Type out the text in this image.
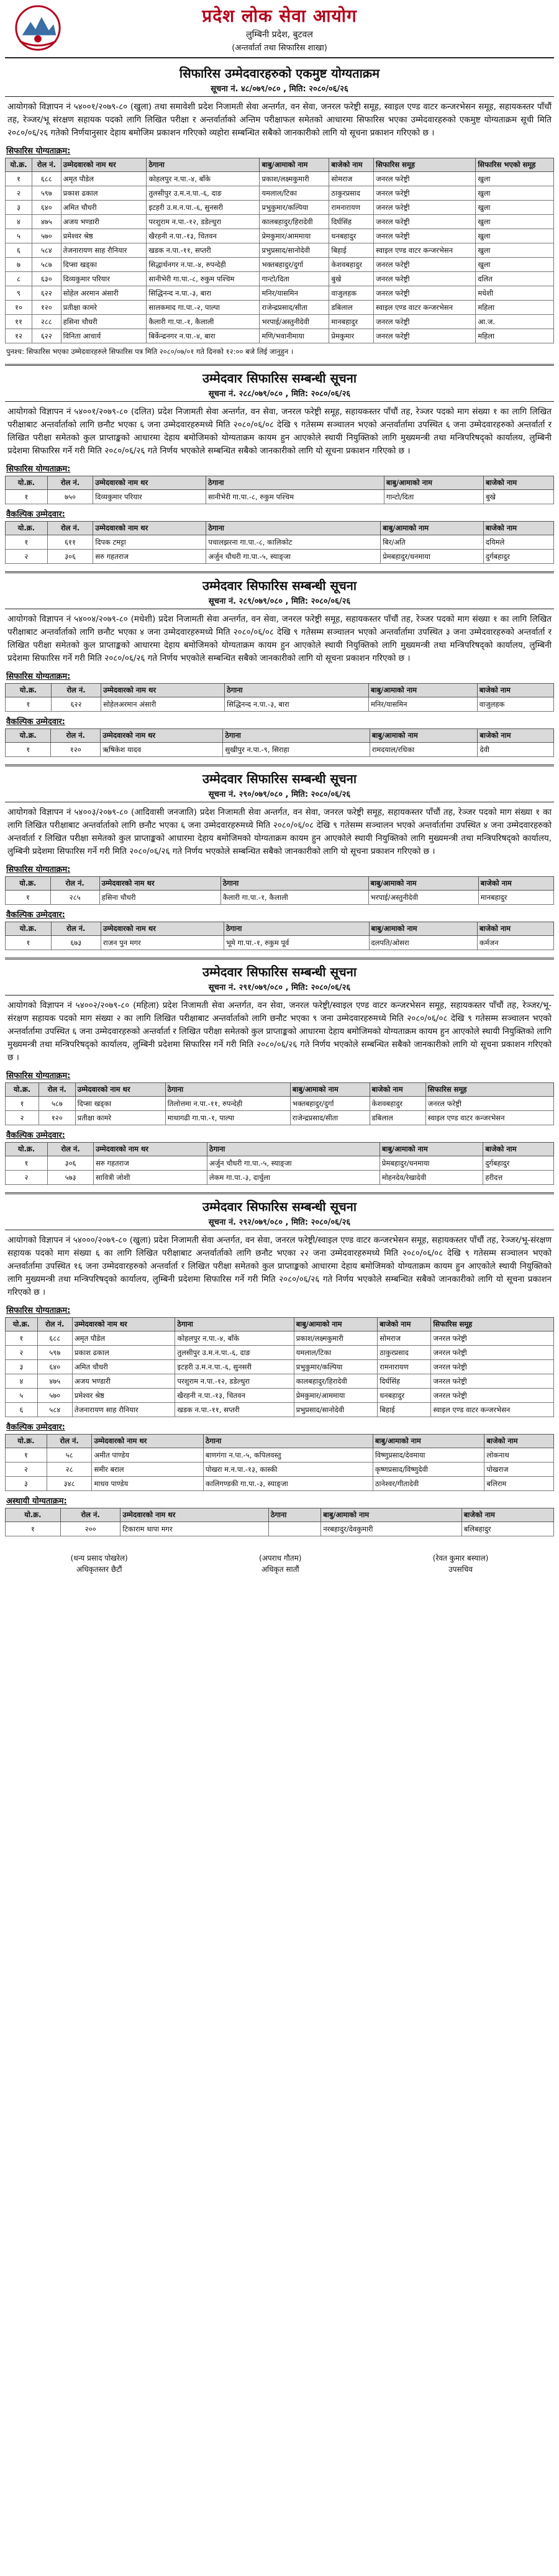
प्रदेश लोक सेवा आयोग
लुम्बिनी प्रदेश, बुटवल
(अन्तर्वार्ता तथा सिफारिस शाखा)
सिफारिस उम्मेदवारहरुको एकमुष्ट योग्यताक्रम
सूचना नं. ४८/०७९/०८० , मिति: २०८०/०६/२६
आयोगको विज्ञापन नं ५४००१/२०७९-८० (खुला) तथा समावेशी प्रदेश निजामती सेवा अन्तर्गत, वन सेवा, जनरल फरेष्ट्री समूह, स्वाइल एण्ड वाटर कन्जरभेसन समूह, सहायकस्तर पाँचौं तह, रेञ्जर/भू संरक्षण सहायक पदको लागि लिखित परीक्षा र अन्तर्वार्ताको अन्तिम परीक्षाफल समेतको आधारमा सिफारिस भएका उम्मेदवारहरुको एकमुष्ट योग्यताक्रम सूची मिति २०८०/०६/२६ गतेको निर्णयानुसार देहाय बमोजिम प्रकाशन गरिएको व्यहोरा सम्बन्धित सबैको जानकारीको लागि यो सूचना प्रकाशन गरिएको छ ।
सिफारिस योग्यताक्रम:
यो.क्र.	रोल नं.	उम्मेदवारको नाम थर	ठेगाना	बाबु/आमाको नाम	बाजेको नाम	सिफारिस समूह	सिफारिस भएको समूह
१	६८८	अमृत पौडेल	कोहलपुर न.पा.-४, बाँके	प्रकाश/लक्ष्मकुमारी	सोमराज	जनरल फरेष्ट्री	खुला
२	५९७	प्रकाश ढकाल	तुलसीपुर उ.म.न.पा.-६, दाङ	यमलाल/टिका	ठाकुरप्रसाद	जनरल फरेष्ट्री	खुला
३	६४०	अमित चौधरी	इटहरी उ.म.न.पा.-६, सुनसरी	प्रभुकुमार/कल्पिया	रामनारायण	जनरल फरेष्ट्री	खुला
४	४७५	अजय भण्डारी	परशुराम न.पा.-१२, डडेल्धुरा	कालबहादुर/हिरादेवी	दिर्घसिंह	जनरल फरेष्ट्री	खुला
५	५७०	प्रमेश्वर श्रेष्ठ	खैरहनी न.पा.-१३, चितवन	प्रेमकुमार/आममाया	धनबहादुर	जनरल फरेष्ट्री	खुला
६	५८४	तेजनारायण साह रौनियार	खडक न.पा.-११, सप्तरी	प्रभुप्रसाद/सानोदेवी	बिहाई	स्वाइल एण्ड वाटर कन्जरभेसन	खुला
७	५८७	दिप्सा खड्का	सिद्धार्थनगर न.पा.-४, रुपन्देही	भक्तबहादुर/दुर्गा	केशवबहादुर	जनरल फरेष्ट्री	खुला
८	६३०	दिव्यकुमार परियार	सानीभेरी गा.पा.-८, रुकुम पश्चिम	गान्टो/दिता	बुखे	जनरल फरेष्ट्री	दलित
९	६२२	सोहेल अरमान अंसारी	सिद्धिनन्द न.पा.-३, बारा	मनिर/यासमिन	वाजुलहक	जनरल फरेष्ट्री	मधेशी
१०	१२०	प्रतीक्षा कामरे	सालकमाद गा.पा.-२, पाल्पा	राजेन्द्रप्रसाद/सीता	डबिलाल	स्वाइल एण्ड वाटर कन्जरभेसन	महिला
११	२८८	हसिना चौधरी	कैलारी गा.पा.-१, कैलाली	भरपाई/अस्तुनीदेवी	मानबहादुर	जनरल फरेष्ट्री	आ.ज.
१२	६२२	विनिता आचार्य	बिर्केन्द्रनगर न.पा.-४, बारा	मणि/भवानीमाया	प्रेमकुमार	जनरल फरेष्ट्री	महिला
पुनश्च: सिफारिस भएका उम्मेदवारहरुले सिफारिस पत्र मिति २०८०/०७/०१ गते दिनको १२:०० बजे लिई जानुहुन ।
उम्मेदवार सिफारिस सम्बन्धी सूचना
सूचना नं. २८८/०७९/०८० , मिति: २०८०/०६/२६
आयोगको विज्ञापन नं ५४००१/२०७९-८० (दलित) प्रदेश निजामती सेवा अन्तर्गत, वन सेवा, जनरल फरेष्ट्री समूह, सहायकस्तर पाँचौं तह, रेञ्जर पदको माग संख्या १ का लागि लिखित परीक्षाबाट अन्तर्वार्ताको लागि छनौट भएका ६ जना उम्मेदवारहरुमध्ये मिति २०८०/०६/०८ देखि ९ गतेसम्म सञ्चालन भएको अन्तर्वार्तामा उपस्थित ६ जना उम्मेदवारहरुको अन्तर्वार्ता र लिखित परीक्षा समेतको कुल प्राप्ताङ्कको आधारमा देहाय बमोजिमको योग्यताक्रम कायम हुन आएकोले स्थायी नियुक्तिको लागि मुख्यमन्त्री तथा मन्त्रिपरिषद्को कार्यालय, लुम्बिनी प्रदेशमा सिफारिस गर्ने गरी मिति २०८०/०६/२६ गते निर्णय भएकोले सम्बन्धित सबैको जानकारीको लागि यो सूचना प्रकाशन गरिएको छ ।
सिफारिस योग्यताक्रम:
यो.क्र.	रोल नं.	उम्मेदवारको नाम थर	ठेगाना	बाबु/आमाको नाम	बाजेको नाम
१	७५०	दिव्यकुमार परियार	सानीभेरी गा.पा.-८, रुकुम पश्चिम	गान्टो/दिता	बुखे
वैकल्पिक उम्मेदवार:
यो.क्र.	रोल नं.	उम्मेदवारको नाम थर	ठेगाना	बाबु/आमाको नाम	बाजेको नाम
१	६११	दिपक टमट्टा	पचालझरना गा.पा.-८, कालिकोट	बिर/अति	दयिमले
२	३०६	सरु गहतराज	अर्जुन चौधरी गा.पा.-५, स्याङ्जा	प्रेमबहादुर/धनमाया	दुर्गबहादुर
उम्मेदवार सिफारिस सम्बन्धी सूचना
सूचना नं. २८९/०७९/०८० , मिति: २०८०/०६/२६
आयोगको विज्ञापन नं ५४००४/२०७९-८० (मधेशी) प्रदेश निजामती सेवा अन्तर्गत, वन सेवा, जनरल फरेष्ट्री समूह, सहायकस्तर पाँचौं तह, रेञ्जर पदको माग संख्या १ का लागि लिखित परीक्षाबाट अन्तर्वार्ताको लागि छनौट भएका ४ जना उम्मेदवारहरुमध्ये मिति २०८०/०६/०८ देखि ९ गतेसम्म सञ्चालन भएको अन्तर्वार्तामा उपस्थित ३ जना उम्मेदवारहरुको अन्तर्वार्ता र लिखित परीक्षा समेतको कुल प्राप्ताङ्कको आधारमा देहाय बमोजिमको योग्यताक्रम कायम हुन आएकोले स्थायी नियुक्तिको लागि मुख्यमन्त्री तथा मन्त्रिपरिषद्को कार्यालय, लुम्बिनी प्रदेशमा सिफारिस गर्ने गरी मिति २०८०/०६/२६ गते निर्णय भएकोले सम्बन्धित सबैको जानकारीको लागि यो सूचना प्रकाशन गरिएको छ ।
सिफारिस योग्यताक्रम:
यो.क्र.	रोल नं.	उम्मेदवारको नाम थर	ठेगाना	बाबु/आमाको नाम	बाजेको नाम
१	६२२	सोहेलअरमान अंसारी	सिद्धिनन्द न.पा.-३, बारा	मनिर/यासमिन	वाजुलहक
वैकल्पिक उम्मेदवार:
यो.क्र.	रोल नं.	उम्मेदवारको नाम थर	ठेगाना	बाबु/आमाको नाम	बाजेको नाम
१	१२०	ऋषिकेश यादव	सुखीपुर न.पा.-९, सिराहा	रामदयाल/रधिका	देवी
उम्मेदवार सिफारिस सम्बन्धी सूचना
सूचना नं. २९०/०७९/०८० , मिति: २०८०/०६/२६
आयोगको विज्ञापन नं ५४००३/२०७९-८० (आदिवासी जनजाति) प्रदेश निजामती सेवा अन्तर्गत, वन सेवा, जनरल फरेष्ट्री समूह, सहायकस्तर पाँचौं तह, रेञ्जर पदको माग संख्या १ का लागि लिखित परीक्षाबाट अन्तर्वार्ताको लागि छनौट भएका ६ जना उम्मेदवारहरुमध्ये मिति २०८०/०६/०८ देखि ९ गतेसम्म सञ्चालन भएको अन्तर्वार्तामा उपस्थित ४ जना उम्मेदवारहरुको अन्तर्वार्ता र लिखित परीक्षा समेतको कुल प्राप्ताङ्कको आधारमा देहाय बमोजिमको योग्यताक्रम कायम हुन आएकोले स्थायी नियुक्तिको लागि मुख्यमन्त्री तथा मन्त्रिपरिषद्को कार्यालय, लुम्बिनी प्रदेशमा सिफारिस गर्ने गरी मिति २०८०/०६/२६ गते निर्णय भएकोले सम्बन्धित सबैको जानकारीको लागि यो सूचना प्रकाशन गरिएको छ ।
सिफारिस योग्यताक्रम:
यो.क्र.	रोल नं.	उम्मेदवारको नाम थर	ठेगाना	बाबु/आमाको नाम	बाजेको नाम
१	२८५	हसिना चौधरी	कैलारी गा.पा.-१, कैलाली	भरपाई/अस्तुनीदेवी	मानबहादुर
वैकल्पिक उम्मेदवार:
यो.क्र.	रोल नं.	उम्मेदवारको नाम थर	ठेगाना	बाबु/आमाको नाम	बाजेको नाम
१	६७३	राजन पुन मगर	भूमे गा.पा.-१, रुकुम पूर्व	दलपति/ओसरा	कर्मजन
उम्मेदवार सिफारिस सम्बन्धी सूचना
सूचना नं. २९१/०७९/०८० , मिति: २०८०/०६/२६
आयोगको विज्ञापन नं ५४००२/२०७९-८० (महिला) प्रदेश निजामती सेवा अन्तर्गत, वन सेवा, जनरल फरेष्ट्री/स्वाइल एण्ड वाटर कन्जरभेसन समूह, सहायकस्तर पाँचौं तह, रेञ्जर/भू-संरक्षण सहायक पदको माग संख्या २ का लागि लिखित परीक्षाबाट अन्तर्वार्ताको लागि छनौट भएका ९ जना उम्मेदवारहरुमध्ये मिति २०८०/०६/०८ देखि ९ गतेसम्म सञ्चालन भएको अन्तर्वार्तामा उपस्थित ६ जना उम्मेदवारहरुको अन्तर्वार्ता र लिखित परीक्षा समेतको कुल प्राप्ताङ्कको आधारमा देहाय बमोजिमको योग्यताक्रम कायम हुन आएकोले स्थायी नियुक्तिको लागि मुख्यमन्त्री तथा मन्त्रिपरिषद्को कार्यालय, लुम्बिनी प्रदेशमा सिफारिस गर्ने गरी मिति २०८०/०६/२६ गते निर्णय भएकोले सम्बन्धित सबैको जानकारीको लागि यो सूचना प्रकाशन गरिएको छ ।
सिफारिस योग्यताक्रम:
यो.क्र.	रोल नं.	उम्मेदवारको नाम थर	ठेगाना	बाबु/आमाको नाम	बाजेको नाम	सिफारिस समूह
१	५८७	दिप्सा खड्का	तिलोत्तमा न.पा.-११, रुपन्देही	भक्तबहादुर/दुर्गा	केशवबहादुर	जनरल फरेष्ट्री
२	१२०	प्रतीक्षा कामरे	माथागढी गा.पा.-१, पाल्पा	राजेन्द्रप्रसाद/सीता	डबिलाल	स्वाइल एण्ड वाटर कन्जरभेसन
वैकल्पिक उम्मेदवार:
यो.क्र.	रोल नं.	उम्मेदवारको नाम थर	ठेगाना	बाबु/आमाको नाम	बाजेको नाम
१	३०६	सरु गहतराज	अर्जुन चौधरी गा.पा.-५, स्याङ्जा	प्रेमबहादुर/धनमाया	दुर्गबहादुर
२	५७३	सावित्री जोशी	लेकम गा.पा.-३, दार्चुला	मोहनदेव/रेखादेवी	हरीदत्त
उम्मेदवार सिफारिस सम्बन्धी सूचना
सूचना नं. २९२/०७९/०८० , मिति: २०८०/०६/२६
आयोगको विज्ञापन नं ५४०००/२०७९-८० (खुला) प्रदेश निजामती सेवा अन्तर्गत, वन सेवा, जनरल फरेष्ट्री/स्वाइल एण्ड वाटर कन्जरभेसन समूह, सहायकस्तर पाँचौं तह, रेञ्जर/भू-संरक्षण सहायक पदको माग संख्या ६ का लागि लिखित परीक्षाबाट अन्तर्वार्ताको लागि छनौट भएका २२ जना उम्मेदवारहरुमध्ये मिति २०८०/०६/०८ देखि ९ गतेसम्म सञ्चालन भएको अन्तर्वार्तामा उपस्थित १६ जना उम्मेदवारहरुको अन्तर्वार्ता र लिखित परीक्षा समेतको कुल प्राप्ताङ्कको आधारमा देहाय बमोजिमको योग्यताक्रम कायम हुन आएकोले स्थायी नियुक्तिको लागि मुख्यमन्त्री तथा मन्त्रिपरिषद्को कार्यालय, लुम्बिनी प्रदेशमा सिफारिस गर्ने गरी मिति २०८०/०६/२६ गते निर्णय भएकोले सम्बन्धित सबैको जानकारीको लागि यो सूचना प्रकाशन गरिएको छ ।
सिफारिस योग्यताक्रम:
यो.क्र.	रोल नं.	उम्मेदवारको नाम थर	ठेगाना	बाबु/आमाको नाम	बाजेको नाम	सिफारिस समूह
१	६८८	अमृत पौडेल	कोहलपुर न.पा.-४, बाँके	प्रकाश/लक्ष्मकुमारी	सोमराज	जनरल फरेष्ट्री
२	५९७	प्रकाश ढकाल	तुलसीपुर उ.म.न.पा.-६, दाङ	यमलाल/टिका	ठाकुरप्रसाद	जनरल फरेष्ट्री
३	६४०	अमित चौधरी	इटहरी उ.म.न.पा.-६, सुनसरी	प्रभुकुमार/कल्पिया	रामनारायण	जनरल फरेष्ट्री
४	४७५	अजय भण्डारी	परशुराम न.पा.-१२, डडेल्धुरा	कालबहादुर/हिरादेवी	दिर्घसिंह	जनरल फरेष्ट्री
५	५७०	प्रमेश्वर श्रेष्ठ	खैरहनी न.पा.-१३, चितवन	प्रेमकुमार/आममाया	धनबहादुर	जनरल फरेष्ट्री
६	५८४	तेजनारायण साह रौनियार	खडक न.पा.-११, सप्तरी	प्रभुप्रसाद/सानोदेवी	बिहाई	स्वाइल एण्ड वाटर कन्जरभेसन
वैकल्पिक उम्मेदवार:
यो.क्र.	रोल नं.	उम्मेदवारको नाम थर	ठेगाना	बाबु/आमाको नाम	बाजेको नाम
१	५८	अमीत पाण्डेय	बाणगंगा न.पा.-५, कपिलवस्तु	विष्णुप्रसाद/देवमाया	लोकनाथ
२	२८	समीर बराल	पोखरा म.न.पा.-१३, कास्की	कृष्णप्रसाद/विष्णुदेवी	पोखराज
३	३४८	माधव पाण्डेय	कालिगण्डकी गा.पा.-३, स्याङ्जा	ठानेश्वर/गीतादेवी	बलिराम
अस्थायी योग्यताक्रम:
यो.क्र.	रोल नं.	उम्मेदवारको नाम थर	ठेगाना	बाबु/आमाको नाम	बाजेको नाम
१	२००	टिकाराम थापा मगर		नरबहादुर/देवकुमारी	बलिबहादुर
(धन्‍य प्रसाद पोखरेल)
अधिकृतस्तर छैटौं
(अपराध गौतम)
अधिकृत सातौं
(रेवत कुमार बस्याल)
उपसचिव
